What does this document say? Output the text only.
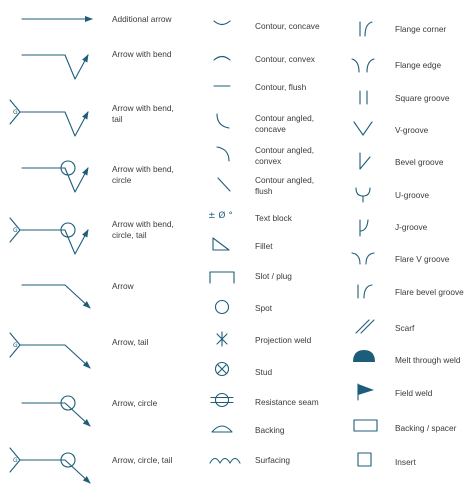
G
G
G
G
± Ø °
Additional arrow
Arrow with bend
Arrow with bend,
tail
Arrow with bend,
circle
Arrow with bend,
circle, tail
Arrow
Arrow, tail
Arrow, circle
Arrow, circle, tail
Contour, concave
Contour, convex
Contour, flush
Contour angled,
concave
Contour angled,
convex
Contour angled,
flush
Text block
Fillet
Slot / plug
Spot
Projection weld
Stud
Resistance seam
Backing
Surfacing
Flange corner
Flange edge
Square groove
V-groove
Bevel groove
U-groove
J-groove
Flare V groove
Flare bevel groove
Scarf
Melt through weld
Field weld
Backing / spacer
Insert
